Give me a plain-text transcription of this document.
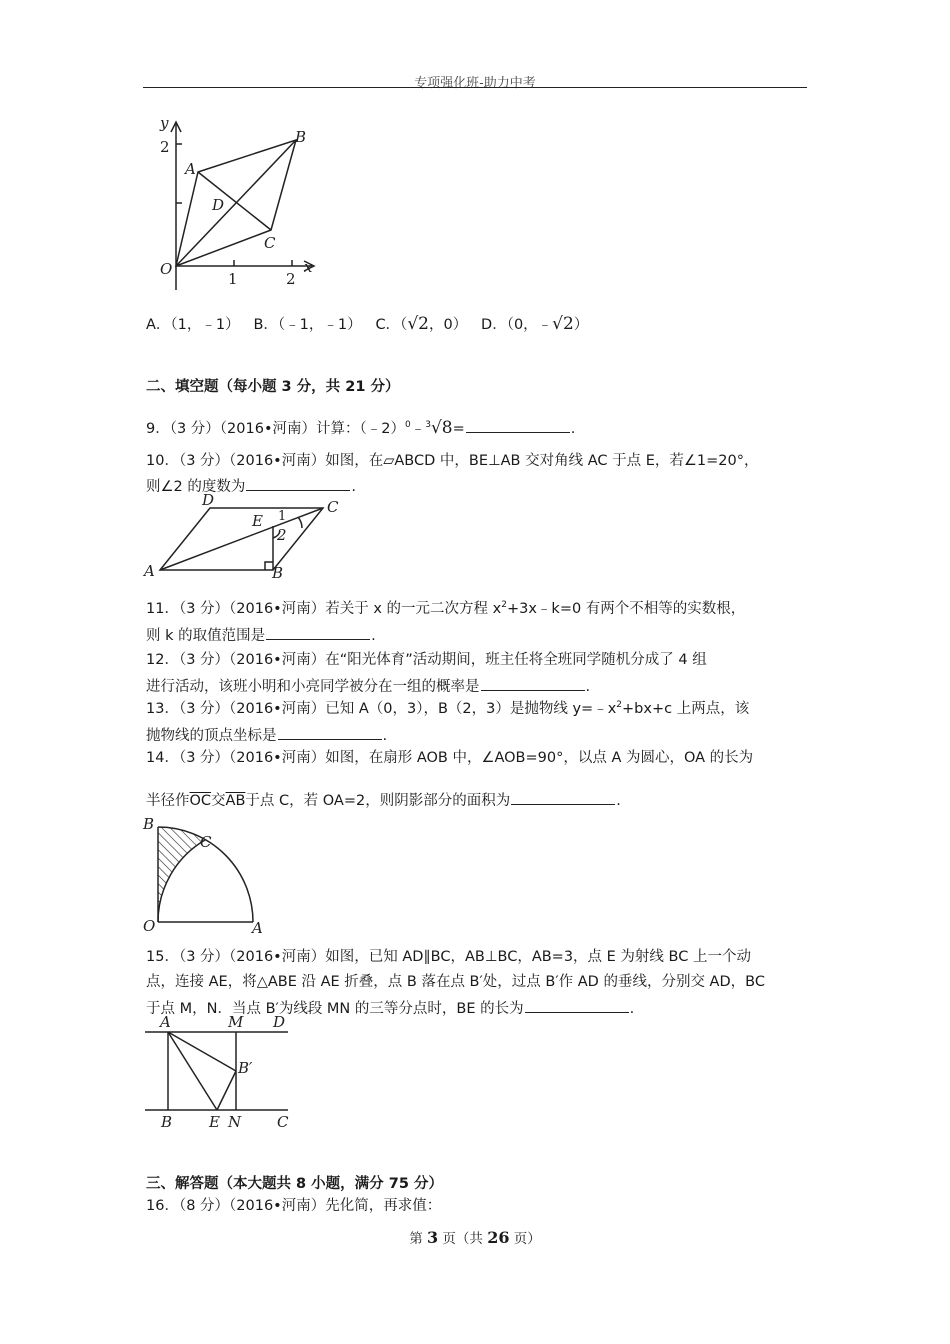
专项强化班-助力中考
y
x
O
1	2
2
A
B
C
D
A．（1，﹣1） B．（﹣1，﹣1） C．（√2，0） D．（0，﹣√2）
二、填空题（每小题 3 分，共 21 分）
9．（3 分）（2016•河南）计算：（﹣2）$^0$﹣$^3$√8=	.
10．（3 分）（2016•河南）如图，在▱ABCD 中，BE⊥AB 交对角线 AC 于点 E，若∠1=20°，
则∠2 的度数为	.
D
E 1
C
2
A	B
11．（3 分）（2016•河南）若关于 x 的一元二次方程 $x^2+3x﹣k=0$ 有两个不相等的实数根，
则 k 的取值范围是	.
12．（3 分）（2016•河南）在“阳光体育”活动期间，班主任将全班同学随机分成了 4 组
进行活动，该班小明和小亮同学被分在一组的概率是	.
13．（3 分）（2016•河南）已知 A（0，3），B（2，3）是抛物线 $y=﹣x^2+bx+c$ 上两点，该
抛物线的顶点坐标是	.
14．（3 分）（2016•河南）如图，在扇形 AOB 中，∠AOB=90°，以点 A 为圆心，OA 的长为
半径作$\overline{OC}$交$\overline{AB}$于点 C，若 OA=2，则阴影部分的面积为	.
B
C
O	A
15．（3 分）（2016•河南）如图，已知 AD∥BC，AB⊥BC，AB=3，点 E 为射线 BC 上一个动
点，连接 AE，将△ABE 沿 AE 折叠，点 B 落在点 B′处，过点 B′作 AD 的垂线，分别交 AD，BC
于点 M，N．当点 B′为线段 MN 的三等分点时，BE 的长为	.
A	M D
B′
B E N C
三、解答题（本大题共 8 小题，满分 75 分）
16．（8 分）（2016•河南）先化简，再求值：
第 3 页（共 26 页）
